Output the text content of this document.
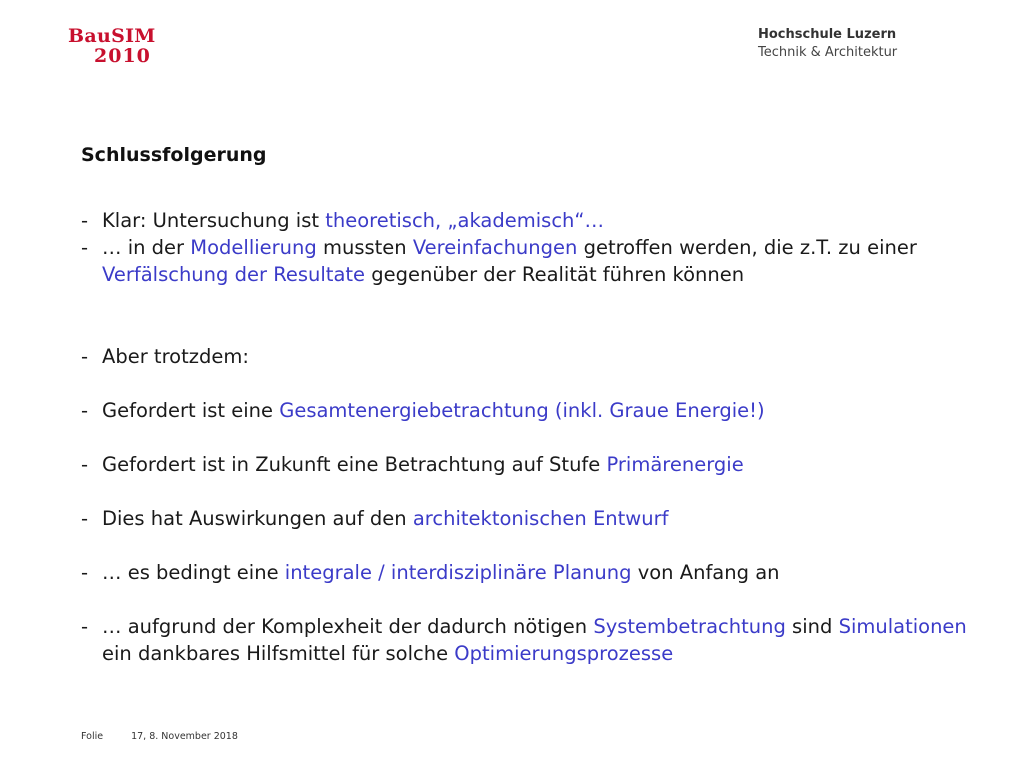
BauSIM
2010
Hochschule Luzern
Technik & Architektur
Schlussfolgerung
- Klar: Untersuchung ist theoretisch, „akademisch“…
- … in der Modellierung mussten Vereinfachungen getroffen werden, die z.T. zu einer Verfälschung der Resultate gegenüber der Realität führen können
- Aber trotzdem:
- Gefordert ist eine Gesamtenergiebetrachtung (inkl. Graue Energie!)
- Gefordert ist in Zukunft eine Betrachtung auf Stufe Primärenergie
- Dies hat Auswirkungen auf den architektonischen Entwurf
- … es bedingt eine integrale / interdisziplinäre Planung von Anfang an
- … aufgrund der Komplexheit der dadurch nötigen Systembetrachtung sind Simulationen ein dankbares Hilfsmittel für solche Optimierungsprozesse
Folie	17, 8. November 2018
